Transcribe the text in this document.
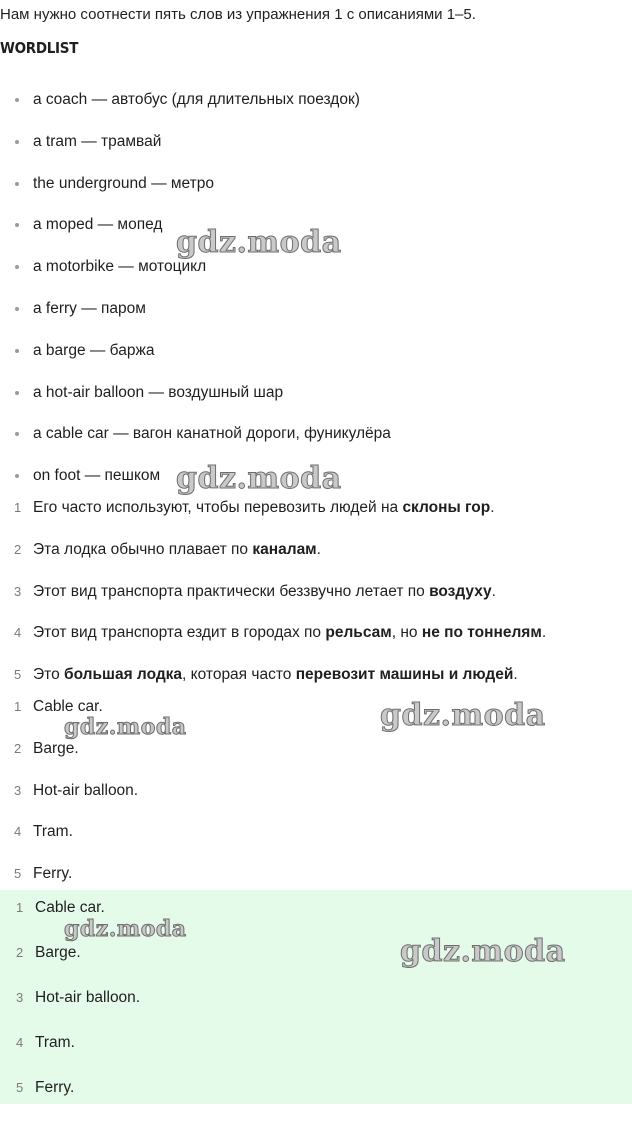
Нам нужно соотнести пять слов из упражнения 1 с описаниями 1–5.
WORDLIST
a coach — автобус (для длительных поездок)
a tram — трамвай
the underground — метро
a moped — мопед
a motorbike — мотоцикл
a ferry — паром
a barge — баржа
a hot-air balloon — воздушный шар
a cable car — вагон канатной дороги, фуникулёра
on foot — пешком
1 Его часто используют, чтобы перевозить людей на склоны гор.
2 Эта лодка обычно плавает по каналам.
3 Этот вид транспорта практически беззвучно летает по воздуху.
4 Этот вид транспорта ездит в городах по рельсам, но не по тоннелям.
5 Это большая лодка, которая часто перевозит машины и людей.
1 Cable car.
2 Barge.
3 Hot-air balloon.
4 Tram.
5 Ferry.
1 Cable car.
2 Barge.
3 Hot-air balloon.
4 Tram.
5 Ferry.
gdz.moda
gdz.moda
gdz.moda
gdz.moda
gdz.moda
gdz.moda
